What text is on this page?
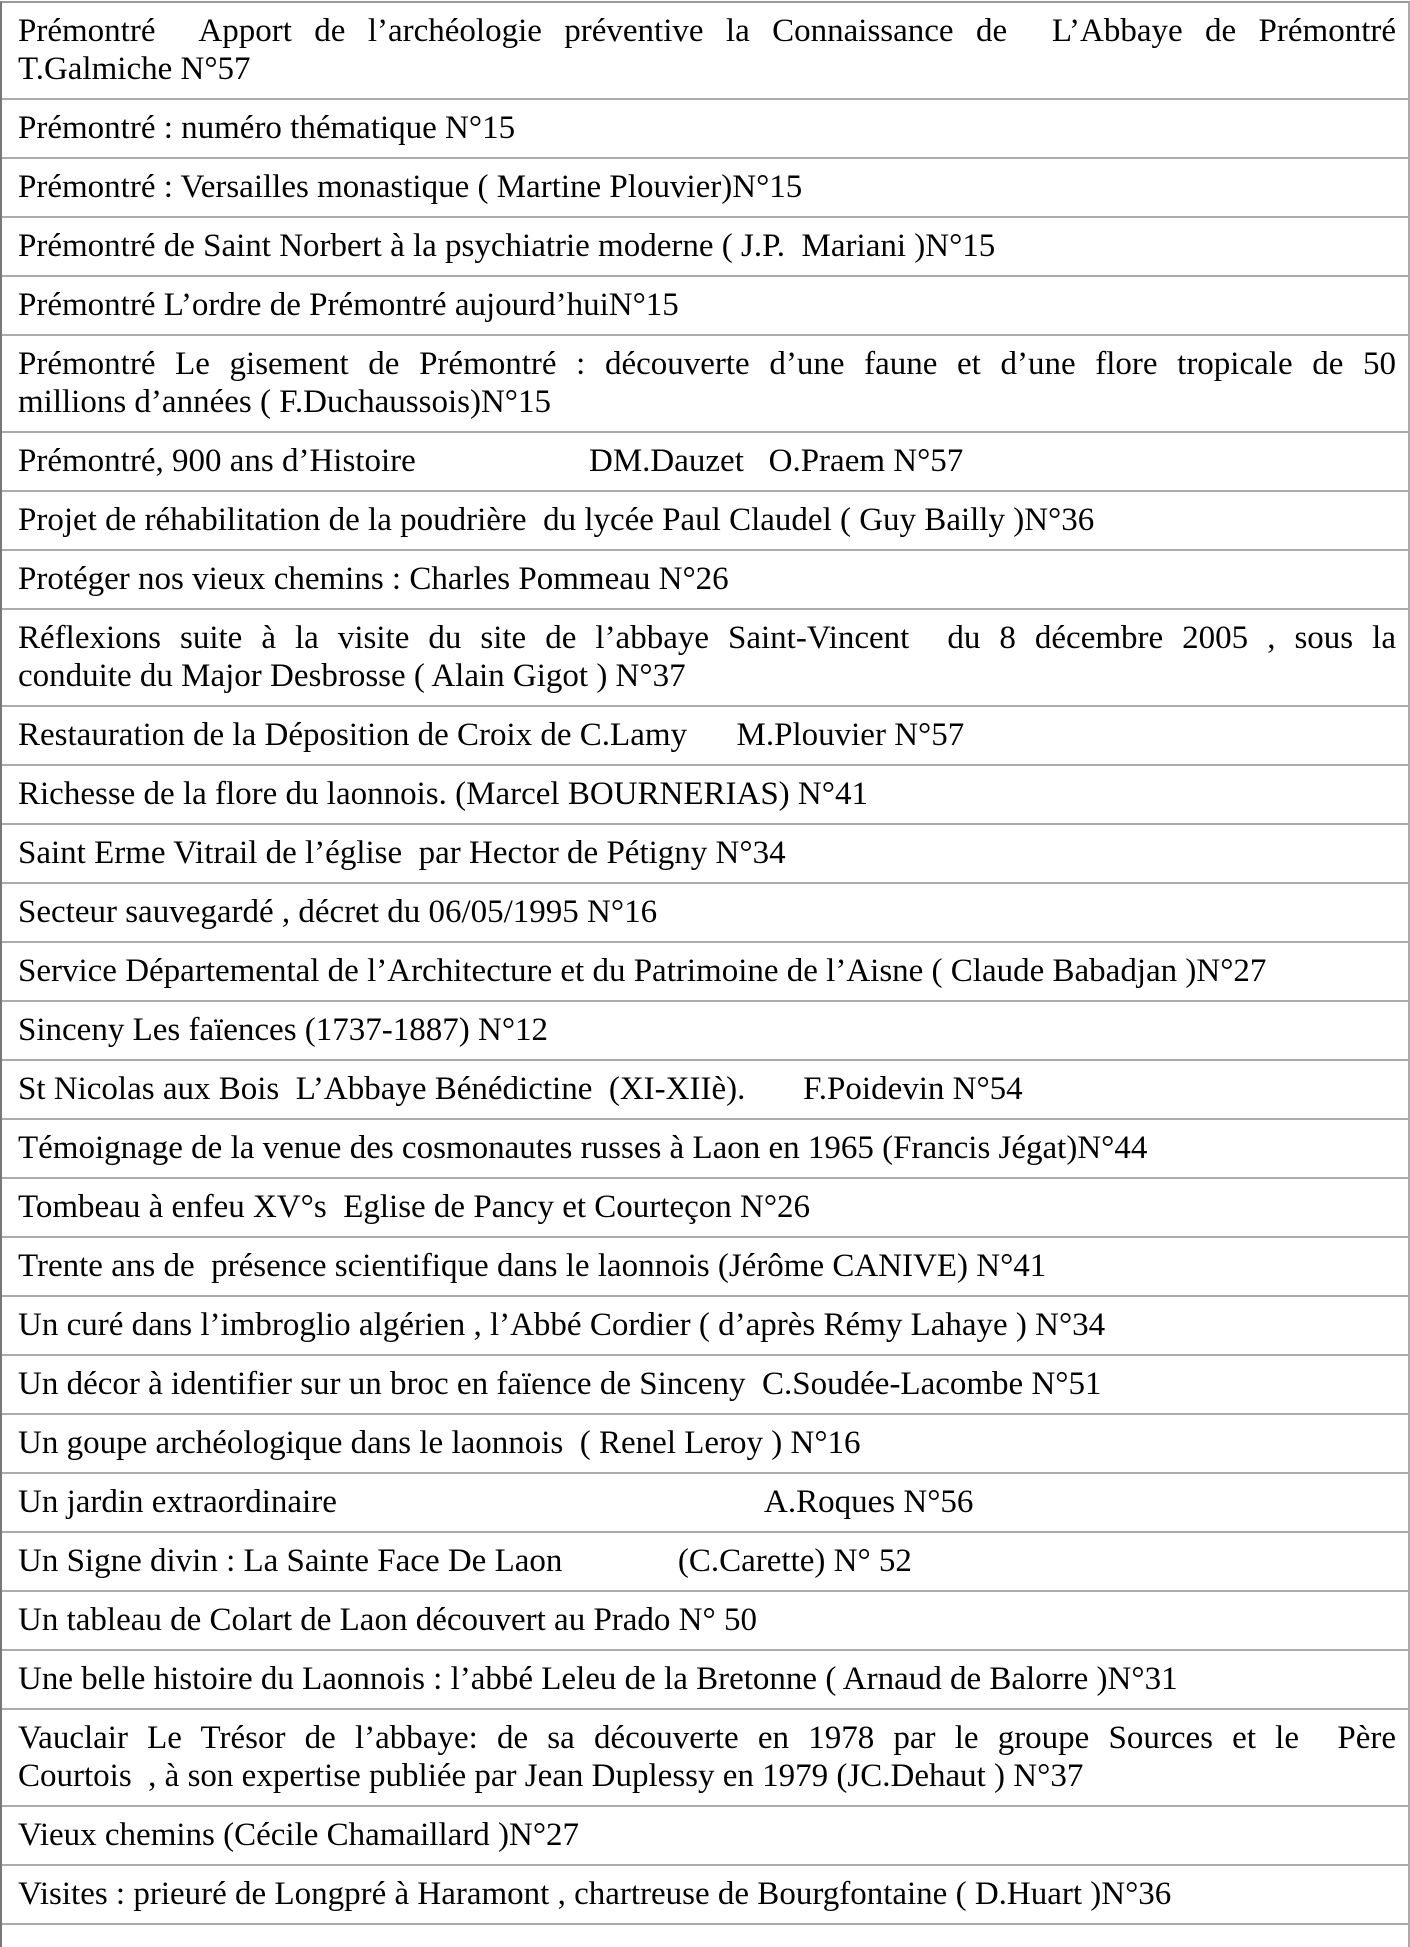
Prémontré  Apport de l’archéologie préventive la Connaissance de  L’Abbaye de Prémontré
T.Galmiche N°57
Prémontré : numéro thématique N°15
Prémontré : Versailles monastique ( Martine Plouvier)N°15
Prémontré de Saint Norbert à la psychiatrie moderne ( J.P.  Mariani )N°15
Prémontré L’ordre de Prémontré aujourd’huiN°15
Prémontré Le gisement de Prémontré : découverte d’une faune et d’une flore tropicale de 50
millions d’années ( F.Duchaussois)N°15
Prémontré, 900 ans d’Histoire                     DM.Dauzet   O.Praem N°57
Projet de réhabilitation de la poudrière  du lycée Paul Claudel ( Guy Bailly )N°36
Protéger nos vieux chemins : Charles Pommeau N°26
Réflexions suite à la visite du site de l’abbaye Saint-Vincent  du 8 décembre 2005 , sous la
conduite du Major Desbrosse ( Alain Gigot ) N°37
Restauration de la Déposition de Croix de C.Lamy      M.Plouvier N°57
Richesse de la flore du laonnois. (Marcel BOURNERIAS) N°41
Saint Erme Vitrail de l’église  par Hector de Pétigny N°34
Secteur sauvegardé , décret du 06/05/1995 N°16
Service Départemental de l’Architecture et du Patrimoine de l’Aisne ( Claude Babadjan )N°27
Sinceny Les faïences (1737-1887) N°12
St Nicolas aux Bois  L’Abbaye Bénédictine  (XI-XIIè).       F.Poidevin N°54
Témoignage de la venue des cosmonautes russes à Laon en 1965 (Francis Jégat)N°44
Tombeau à enfeu XV°s  Eglise de Pancy et Courteçon N°26
Trente ans de  présence scientifique dans le laonnois (Jérôme CANIVE) N°41
Un curé dans l’imbroglio algérien , l’Abbé Cordier ( d’après Rémy Lahaye ) N°34
Un décor à identifier sur un broc en faïence de Sinceny  C.Soudée-Lacombe N°51
Un goupe archéologique dans le laonnois  ( Renel Leroy ) N°16
Un jardin extraordinaire                                                    A.Roques N°56
Un Signe divin : La Sainte Face De Laon              (C.Carette) N° 52
Un tableau de Colart de Laon découvert au Prado N° 50
Une belle histoire du Laonnois : l’abbé Leleu de la Bretonne ( Arnaud de Balorre )N°31
Vauclair Le Trésor de l’abbaye: de sa découverte en 1978 par le groupe Sources et le  Père
Courtois  , à son expertise publiée par Jean Duplessy en 1979 (JC.Dehaut ) N°37
Vieux chemins (Cécile Chamaillard )N°27
Visites : prieuré de Longpré à Haramont , chartreuse de Bourgfontaine ( D.Huart )N°36
